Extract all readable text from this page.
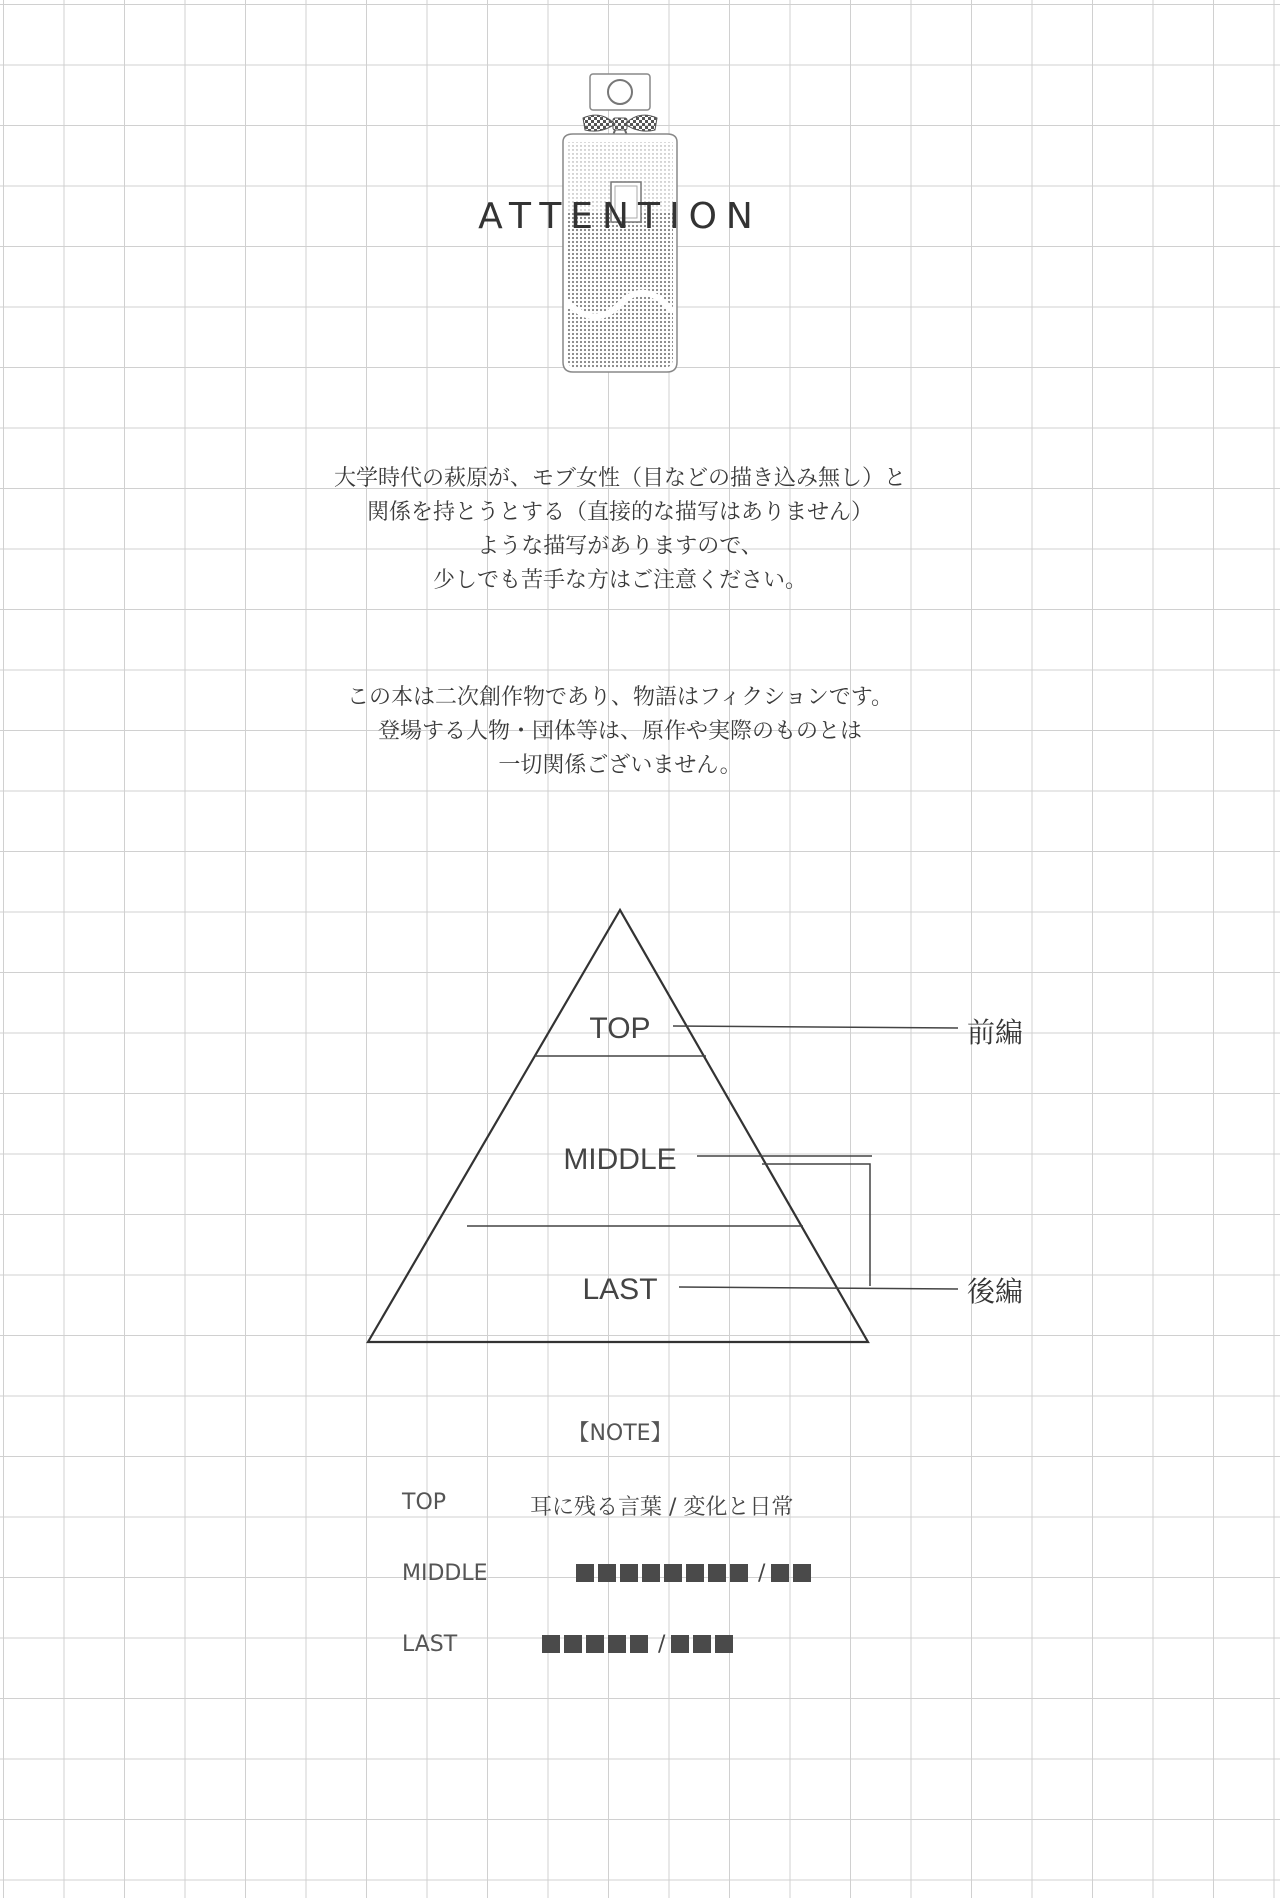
ATTENTION
大学時代の萩原が、モブ女性（目などの描き込み無し）と
関係を持とうとする（直接的な描写はありません）
ような描写がありますので、
少しでも苦手な方はご注意ください。
この本は二次創作物であり、物語はフィクションです。
登場する人物・団体等は、原作や実際のものとは
一切関係ございません。
TOP
MIDDLE
LAST
前編
後編
【NOTE】
TOP	耳に残る言葉 / 変化と日常
MIDDLE	/
LAST	/
